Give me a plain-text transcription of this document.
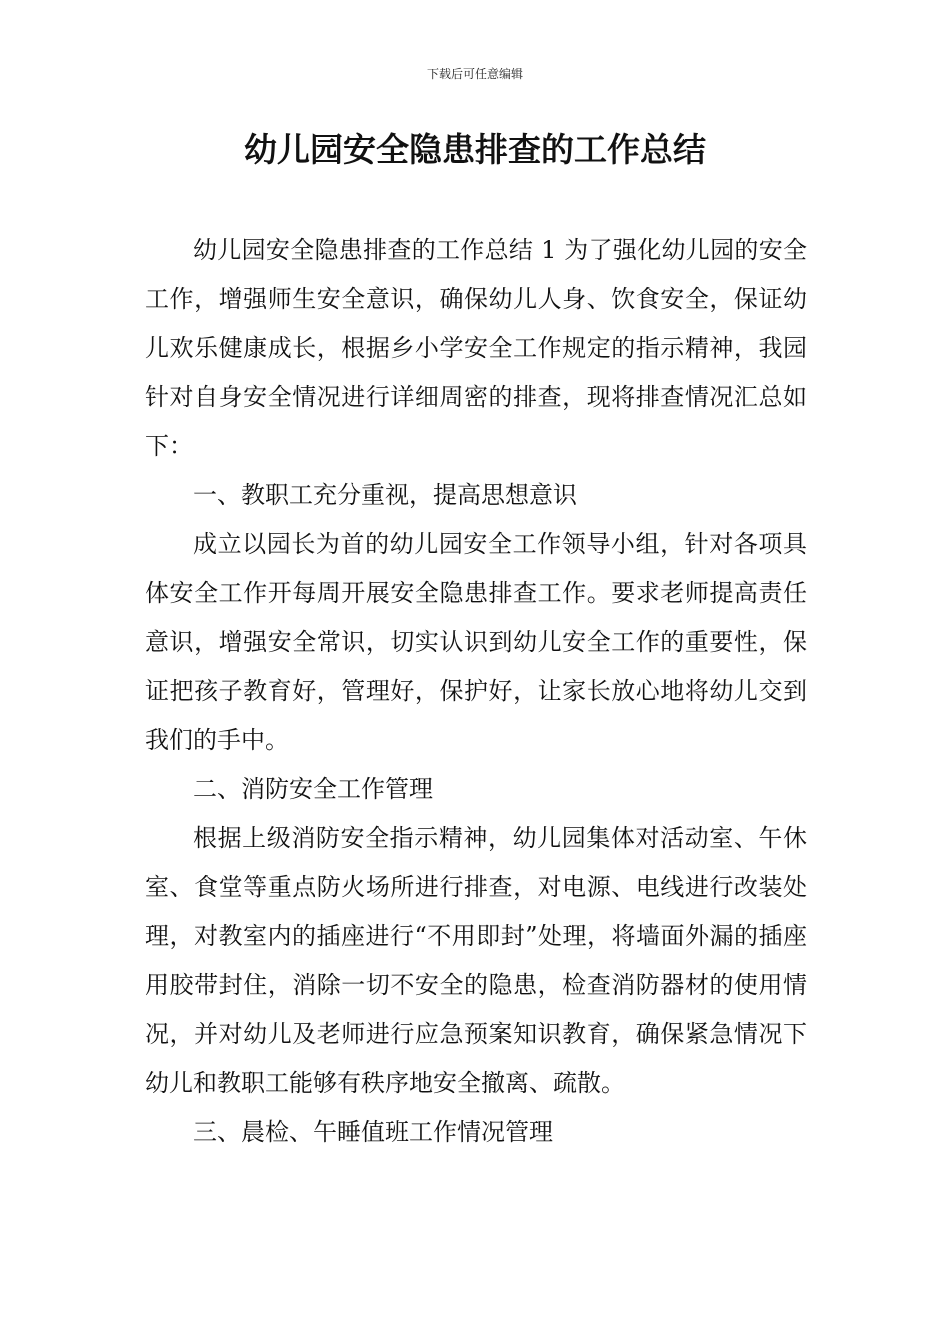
下载后可任意编辑
幼儿园安全隐患排查的工作总结

幼儿园安全隐患排查的工作总结 1 为了强化幼儿园的安全工作，增强师生安全意识，确保幼儿人身、饮食安全，保证幼儿欢乐健康成长，根据乡小学安全工作规定的指示精神，我园针对自身安全情况进行详细周密的排查，现将排查情况汇总如下：

一、教职工充分重视，提高思想意识

成立以园长为首的幼儿园安全工作领导小组，针对各项具体安全工作开每周开展安全隐患排查工作。要求老师提高责任意识，增强安全常识，切实认识到幼儿安全工作的重要性，保证把孩子教育好，管理好，保护好，让家长放心地将幼儿交到我们的手中。

二、消防安全工作管理

根据上级消防安全指示精神，幼儿园集体对活动室、午休室、食堂等重点防火场所进行排查，对电源、电线进行改装处理，对教室内的插座进行“不用即封”处理，将墙面外漏的插座用胶带封住，消除一切不安全的隐患，检查消防器材的使用情况，并对幼儿及老师进行应急预案知识教育，确保紧急情况下幼儿和教职工能够有秩序地安全撤离、疏散。

三、晨检、午睡值班工作情况管理
